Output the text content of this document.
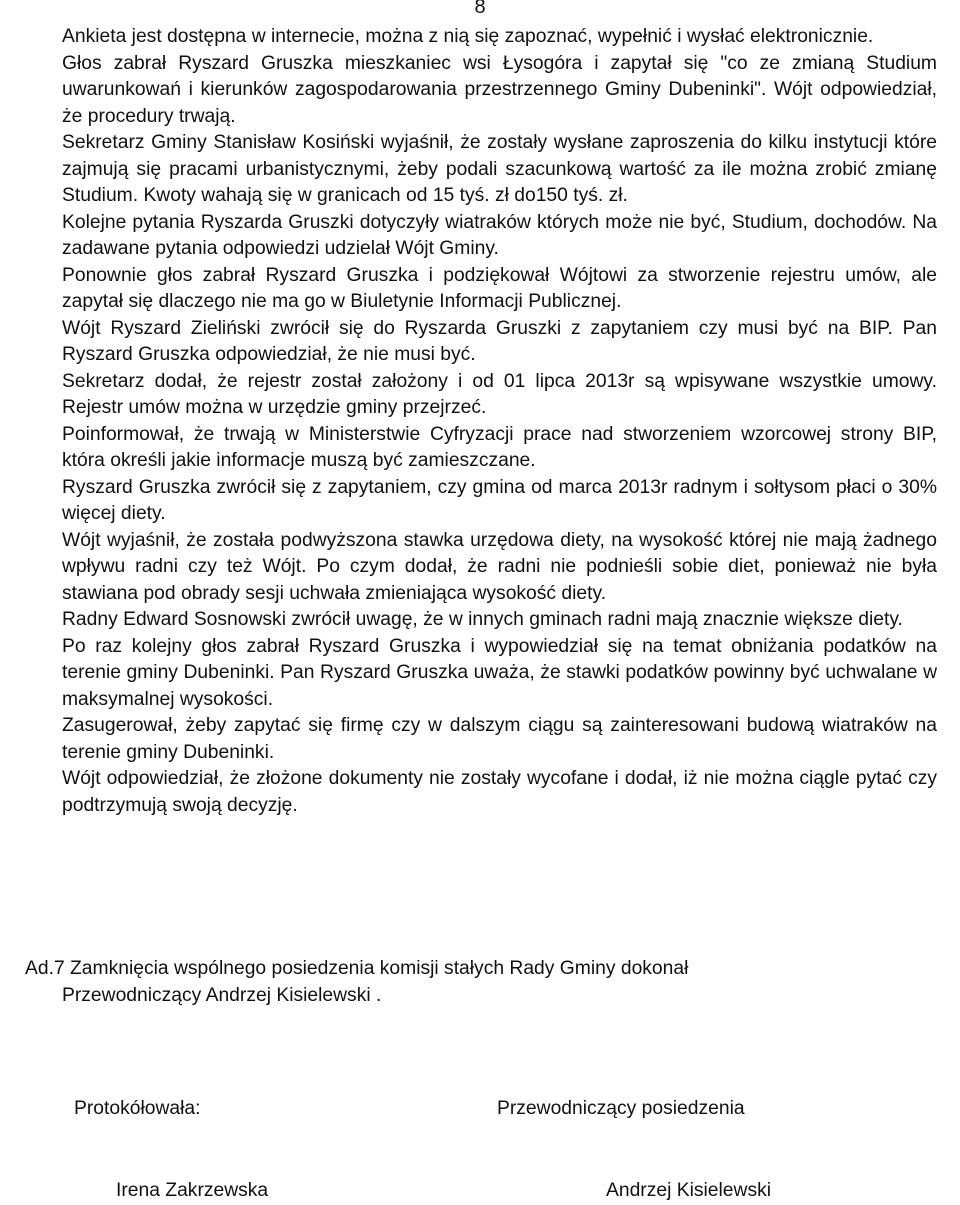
8

Ankieta jest dostępna w internecie, można z nią się zapoznać, wypełnić i wysłać elektronicznie.

Głos zabrał Ryszard Gruszka mieszkaniec wsi Łysogóra i zapytał się "co ze zmianą Studium uwarunkowań i kierunków zagospodarowania przestrzennego Gminy Dubeninki". Wójt odpowiedział, że procedury trwają.

Sekretarz Gminy Stanisław Kosiński wyjaśnił, że zostały wysłane zaproszenia do kilku instytucji które zajmują się pracami urbanistycznymi, żeby podali szacunkową wartość za ile można zrobić zmianę Studium. Kwoty wahają się w granicach od 15 tyś. zł do150 tyś. zł.

Kolejne pytania Ryszarda Gruszki dotyczyły wiatraków których może nie być, Studium, dochodów. Na zadawane pytania odpowiedzi udzielał Wójt Gminy.

Ponownie głos zabrał Ryszard Gruszka i podziękował Wójtowi za stworzenie rejestru umów, ale zapytał się dlaczego nie ma go w Biuletynie Informacji Publicznej.

Wójt Ryszard Zieliński zwrócił się do Ryszarda Gruszki z zapytaniem czy musi być na BIP. Pan Ryszard Gruszka odpowiedział, że nie musi być.

Sekretarz dodał, że rejestr został założony i od 01 lipca 2013r są wpisywane wszystkie umowy. Rejestr umów można w urzędzie gminy przejrzeć.

Poinformował, że trwają w Ministerstwie Cyfryzacji prace nad stworzeniem wzorcowej strony BIP, która określi jakie informacje muszą być zamieszczane.

Ryszard Gruszka zwrócił się z zapytaniem, czy gmina od marca 2013r radnym i sołtysom płaci o 30% więcej diety.

Wójt wyjaśnił, że została podwyższona stawka urzędowa diety, na wysokość której nie mają żadnego wpływu radni czy też Wójt. Po czym dodał, że radni nie podnieśli sobie diet, ponieważ nie była stawiana pod obrady sesji uchwała zmieniająca wysokość diety.

Radny Edward Sosnowski zwrócił uwagę, że w innych gminach radni mają znacznie większe diety.

Po raz kolejny głos zabrał Ryszard Gruszka i wypowiedział się na temat obniżania podatków na terenie gminy Dubeninki. Pan Ryszard Gruszka uważa, że stawki podatków powinny być uchwalane w maksymalnej wysokości.

Zasugerował, żeby zapytać się firmę czy w dalszym ciągu są zainteresowani budową wiatraków na terenie gminy Dubeninki.

Wójt odpowiedział, że złożone dokumenty nie zostały wycofane i dodał, iż nie można ciągle pytać czy podtrzymują swoją decyzję.

Ad.7 Zamknięcia wspólnego posiedzenia komisji stałych Rady Gminy dokonał
Przewodniczący Andrzej Kisielewski .
Protokółowała:	Przewodniczący posiedzenia
Irena Zakrzewska	Andrzej Kisielewski
